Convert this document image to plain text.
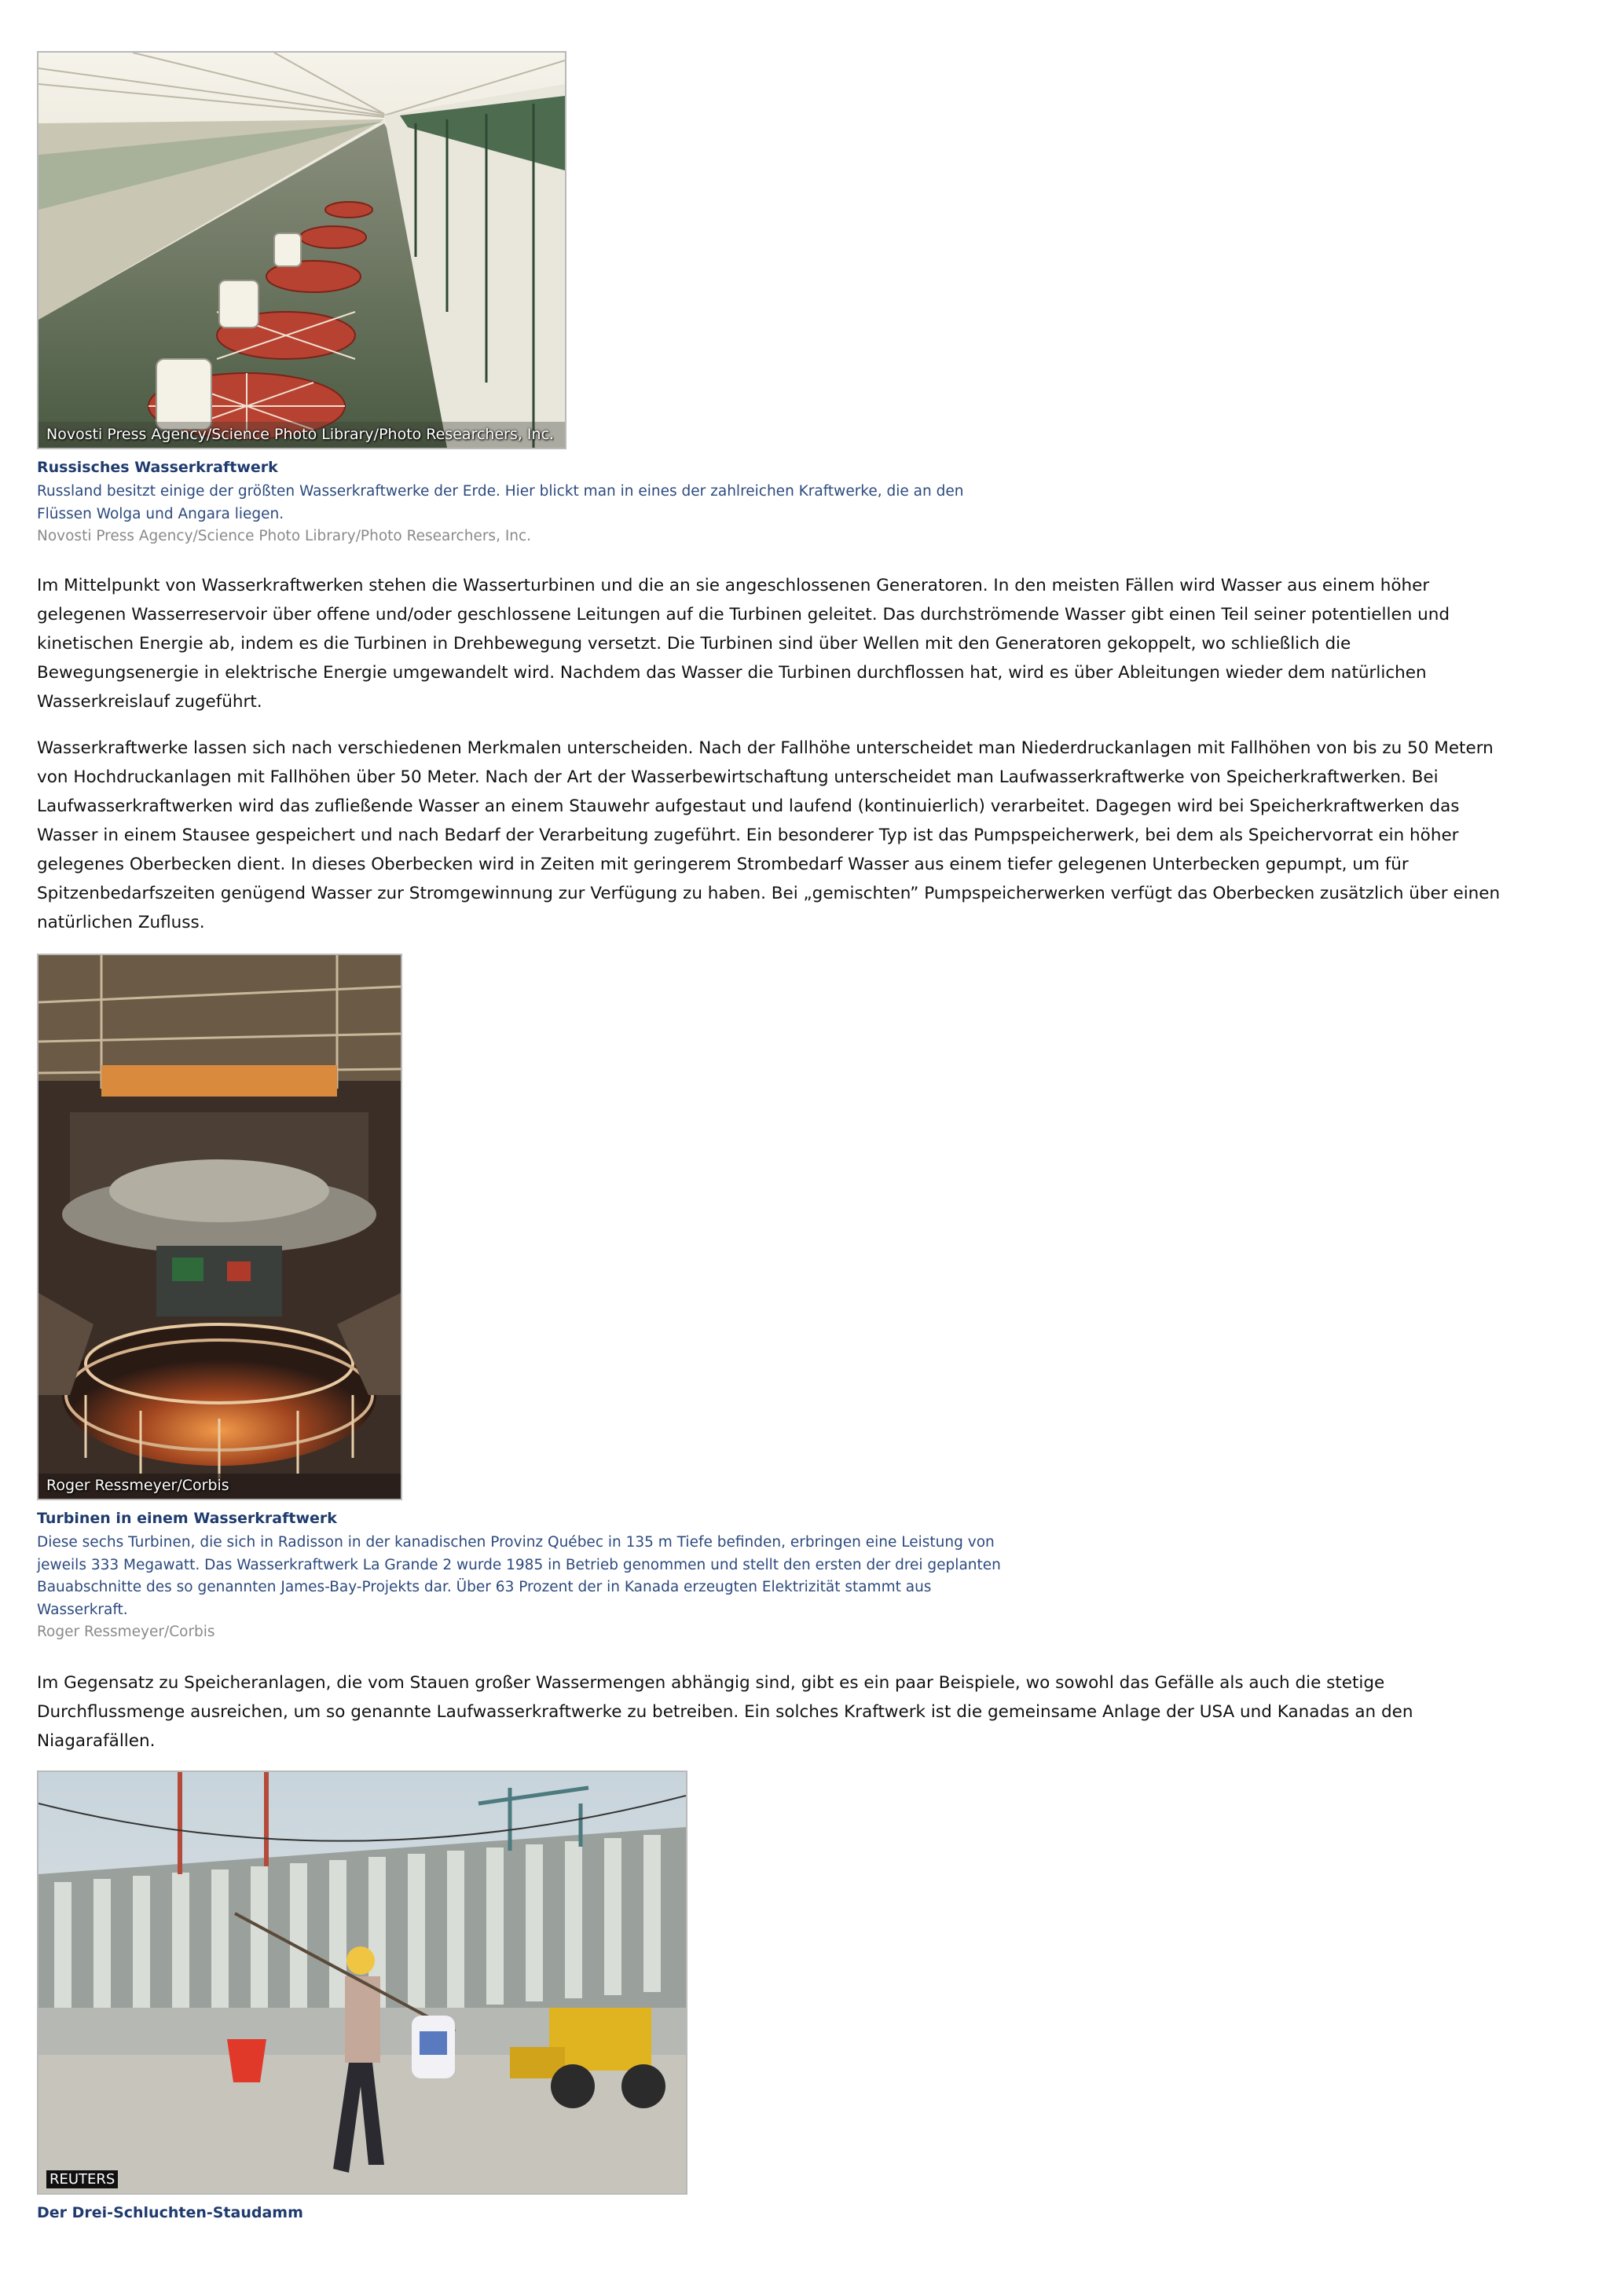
Novosti Press Agency/Science Photo Library/Photo Researchers, Inc.
Russisches Wasserkraftwerk
Russland besitzt einige der größten Wasserkraftwerke der Erde. Hier blickt man in eines der zahlreichen Kraftwerke, die an den
Flüssen Wolga und Angara liegen.
Novosti Press Agency/Science Photo Library/Photo Researchers, Inc.
Im Mittelpunkt von Wasserkraftwerken stehen die Wasserturbinen und die an sie angeschlossenen Generatoren. In den meisten Fällen wird Wasser aus einem höher
gelegenen Wasserreservoir über offene und/oder geschlossene Leitungen auf die Turbinen geleitet. Das durchströmende Wasser gibt einen Teil seiner potentiellen und
kinetischen Energie ab, indem es die Turbinen in Drehbewegung versetzt. Die Turbinen sind über Wellen mit den Generatoren gekoppelt, wo schließlich die
Bewegungsenergie in elektrische Energie umgewandelt wird. Nachdem das Wasser die Turbinen durchflossen hat, wird es über Ableitungen wieder dem natürlichen
Wasserkreislauf zugeführt.
Wasserkraftwerke lassen sich nach verschiedenen Merkmalen unterscheiden. Nach der Fallhöhe unterscheidet man Niederdruckanlagen mit Fallhöhen von bis zu 50 Metern
von Hochdruckanlagen mit Fallhöhen über 50 Meter. Nach der Art der Wasserbewirtschaftung unterscheidet man Laufwasserkraftwerke von Speicherkraftwerken. Bei
Laufwasserkraftwerken wird das zufließende Wasser an einem Stauwehr aufgestaut und laufend (kontinuierlich) verarbeitet. Dagegen wird bei Speicherkraftwerken das
Wasser in einem Stausee gespeichert und nach Bedarf der Verarbeitung zugeführt. Ein besonderer Typ ist das Pumpspeicherwerk, bei dem als Speichervorrat ein höher
gelegenes Oberbecken dient. In dieses Oberbecken wird in Zeiten mit geringerem Strombedarf Wasser aus einem tiefer gelegenen Unterbecken gepumpt, um für
Spitzenbedarfszeiten genügend Wasser zur Stromgewinnung zur Verfügung zu haben. Bei „gemischten” Pumpspeicherwerken verfügt das Oberbecken zusätzlich über einen
natürlichen Zufluss.
Roger Ressmeyer/Corbis
Turbinen in einem Wasserkraftwerk
Diese sechs Turbinen, die sich in Radisson in der kanadischen Provinz Québec in 135 m Tiefe befinden, erbringen eine Leistung von
jeweils 333 Megawatt. Das Wasserkraftwerk La Grande 2 wurde 1985 in Betrieb genommen und stellt den ersten der drei geplanten
Bauabschnitte des so genannten James-Bay-Projekts dar. Über 63 Prozent der in Kanada erzeugten Elektrizität stammt aus
Wasserkraft.
Roger Ressmeyer/Corbis
Im Gegensatz zu Speicheranlagen, die vom Stauen großer Wassermengen abhängig sind, gibt es ein paar Beispiele, wo sowohl das Gefälle als auch die stetige
Durchflussmenge ausreichen, um so genannte Laufwasserkraftwerke zu betreiben. Ein solches Kraftwerk ist die gemeinsame Anlage der USA und Kanadas an den
Niagarafällen.
REUTERS
Der Drei-Schluchten-Staudamm
